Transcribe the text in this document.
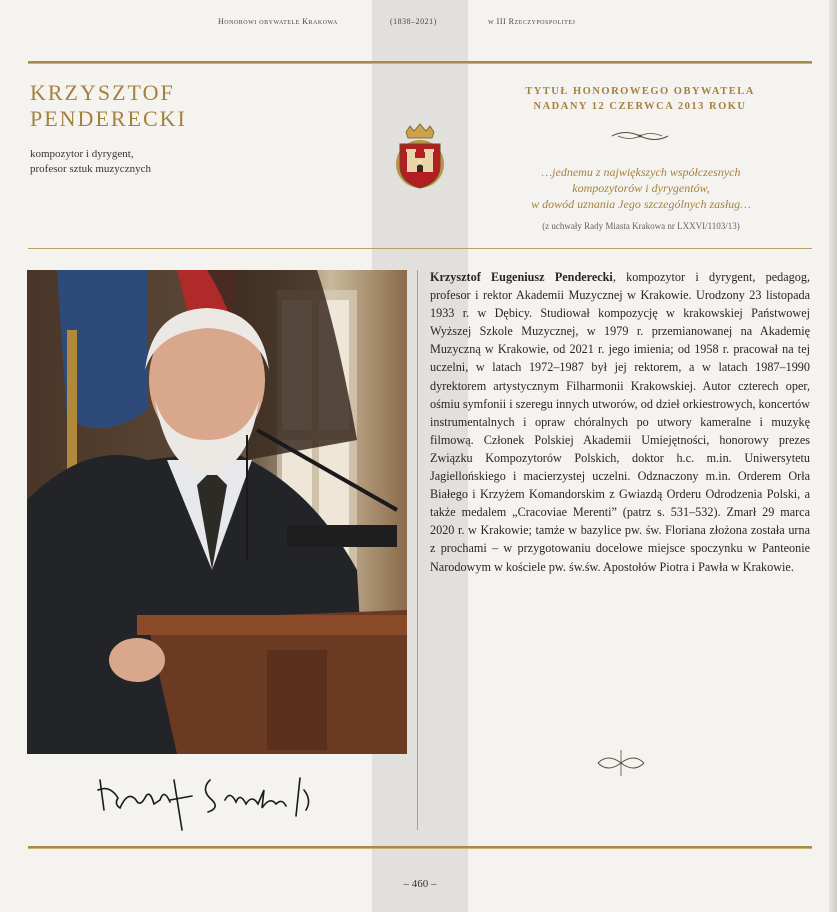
Honorowi obywatele Krakowa	(1838–2021)	w III Rzeczypospolitej
KRZYSZTOF
PENDERECKI
kompozytor i dyrygent,
profesor sztuk muzycznych
TYTUŁ HONOROWEGO OBYWATELA
NADANY 12 CZERWCA 2013 ROKU
…jednemu z największych współczesnych
kompozytorów i dyrygentów,
w dowód uznania Jego szczególnych zasług…
(z uchwały Rady Miasta Krakowa nr LXXVI/1103/13)
Krzysztof Eugeniusz Penderecki, kompozytor i dyrygent, pedagog, profesor i rektor Akademii Muzycznej w Krakowie. Urodzony 23 listopada 1933 r. w Dębicy. Studiował kompozycję w krakowskiej Państwowej Wyższej Szkole Muzycznej, w 1979 r. przemianowanej na Akademię Muzyczną w Krakowie, od 2021 r. jego imienia; od 1958 r. pracował na tej uczelni, w latach 1972–1987 był jej rektorem, a w latach 1987–1990 dyrektorem artystycznym Filharmonii Krakowskiej. Autor czterech oper, ośmiu symfonii i szeregu innych utworów, od dzieł orkiestrowych, koncertów instrumentalnych i opraw chóralnych po utwory kameralne i muzykę filmową. Członek Polskiej Akademii Umiejętności, honorowy prezes Związku Kompozytorów Polskich, doktor h.c. m.in. Uniwersytetu Jagiellońskiego i macierzystej uczelni. Odznaczony m.in. Orderem Orła Białego i Krzyżem Komandorskim z Gwiazdą Orderu Odrodzenia Polski, a także medalem „Cracoviae Merenti” (patrz s. 531–532). Zmarł 29 marca 2020 r. w Krakowie; tamże w bazylice pw. św. Floriana złożona została urna z prochami – w przygotowaniu docelowe miejsce spoczynku w Panteonie Narodowym w kościele pw. św.św. Apostołów Piotra i Pawła w Krakowie.
– 460 –
